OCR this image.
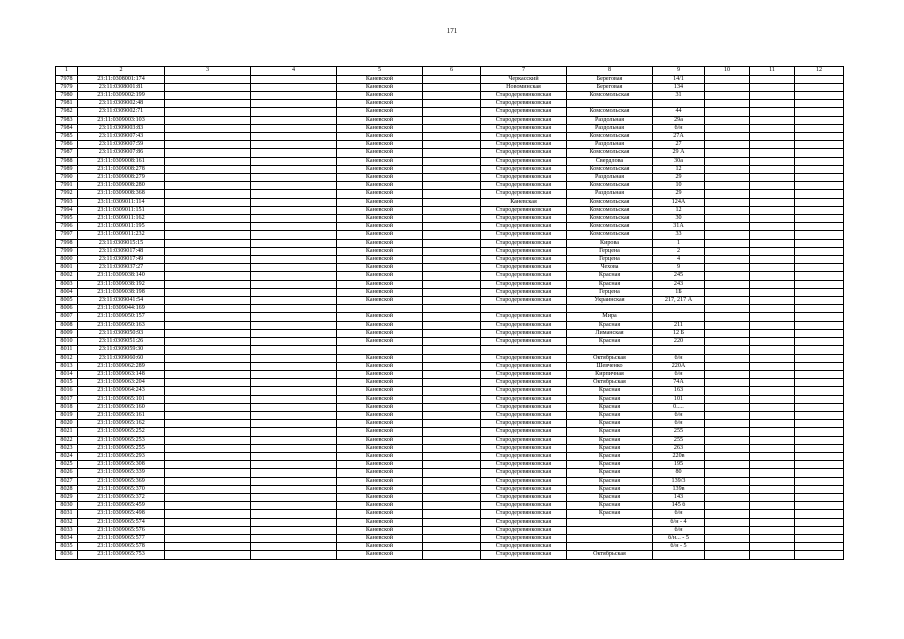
171
1	2	3	4	5	6	7	8	9	10	11	12
7978	23:11:0308001:174			Каневской		Черкасский	Береговая	14/1			
7979	23:11:0308001:81			Каневской		Новоминская	Береговая	134			
7980	23:11:0309002:199			Каневской		Стародеревянковская	Комсомольская	31			
7981	23:11:0309002:48			Каневской		Стародеревянковская					
7982	23:11:0309002:71			Каневской		Стародеревянковская	Комсомольская	44			
7983	23:11:0309003:103			Каневской		Стародеревянковская	Раздольная	29а			
7984	23:11:0309003:83			Каневской		Стародеревянковская	Раздольная	б/н			
7985	23:11:0309007:43			Каневской		Стародеревянковская	Комсомольская	27А			
7986	23:11:0309007:59			Каневской		Стародеревянковская	Раздольная	27			
7987	23:11:0309007:86			Каневской		Стародеревянковская	Комсомольская	29 А			
7988	23:11:0309008:161			Каневской		Стародеревянковская	Свердлова	30а			
7989	23:11:0309008:278			Каневской		Стародеревянковская	Комсомольская	12			
7990	23:11:0309008:279			Каневской		Стародеревянковская	Раздольная	29			
7991	23:11:0309008:280			Каневской		Стародеревянковская	Комсомольская	10			
7992	23:11:0309008:368			Каневской		Стародеревянковская	Раздольная	29			
7993	23:11:0309011:114			Каневской		Каневская	Комсомольская	124А			
7994	23:11:0309011:151			Каневской		Стародеревянковская	Комсомольская	12			
7995	23:11:0309011:162			Каневской		Стародеревянковская	Комсомольская	30			
7996	23:11:0309011:195			Каневской		Стародеревянковская	Комсомольская	31А			
7997	23:11:0309011:232			Каневской		Стародеревянковская	Комсомольская	33			
7998	23:11:0309015:15			Каневской		Стародеревянковская	Кирова	1			
7999	23:11:0309017:48			Каневской		Стародеревянковская	Герцена	2			
8000	23:11:0309017:49			Каневской		Стародеревянковская	Герцена	4			
8001	23:11:0309037:27			Каневской		Стародеревянковская	Чехова	9			
8002	23:11:0309038:140			Каневской		Стародеревянковская	Красная	245			
8003	23:11:0309038:192			Каневской		Стародеревянковская	Красная	243			
8004	23:11:0309038:198			Каневской		Стародеревянковская	Герцена	1Б			
8005	23:11:0309041:54			Каневской		Стародеревянковская	Украинская	217, 217 А			
8006	23:11:0309044:169										
8007	23:11:0309050:157			Каневской		Стародеревянковская	Мира				
8008	23:11:0309050:163			Каневской		Стародеревянковская	Красная	211			
8009	23:11:0309050:93			Каневской		Стародеревянковская	Лиманская	12 Б			
8010	23:11:0309051:26			Каневской		Стародеревянковская	Красная	220			
8011	23:11:0309059:30										
8012	23:11:0309060:60			Каневской		Стародеревянковская	Октябрьская	б/н			
8013	23:11:0309062:289			Каневской		Стародеревянковская	Шевченко	220А			
8014	23:11:0309063:148			Каневской		Стародеревянковская	Кирпичная	б/н			
8015	23:11:0309063:204			Каневской		Стародеревянковская	Октябрьская	74А			
8016	23:11:0309064:243			Каневской		Стародеревянковская	Красная	163			
8017	23:11:0309065:101			Каневской		Стародеревянковская	Красная	101			
8018	23:11:0309065:160			Каневской		Стародеревянковская	Красная	0.....			
8019	23:11:0309065:161			Каневской		Стародеревянковская	Красная	б/н			
8020	23:11:0309065:162			Каневской		Стародеревянковская	Красная	б/н			
8021	23:11:0309065:252			Каневской		Стародеревянковская	Красная	255			
8022	23:11:0309065:253			Каневской		Стародеревянковская	Красная	255			
8023	23:11:0309065:255			Каневской		Стародеревянковская	Красная	263			
8024	23:11:0309065:293			Каневской		Стародеревянковская	Красная	220в			
8025	23:11:0309065:308			Каневской		Стародеревянковская	Красная	195			
8026	23:11:0309065:339			Каневской		Стародеревянковская	Красная	80			
8027	23:11:0309065:369			Каневской		Стародеревянковская	Красная	139/3			
8028	23:11:0309065:370			Каневской		Стародеревянковская	Красная	139в			
8029	23:11:0309065:372			Каневской		Стародеревянковская	Красная	143			
8030	23:11:0309065:459			Каневской		Стародеревянковская	Красная	145 б			
8031	23:11:0309065:498			Каневской		Стародеревянковская	Красная	б/н			
8032	23:11:0309065:574			Каневской		Стародеревянковская		б/н - 4			
8033	23:11:0309065:576			Каневской		Стародеревянковская		б/н			
8034	23:11:0309065:577			Каневской		Стародеревянковская		б/н... - 5			
8035	23:11:0309065:578			Каневской		Стародеревянковская		б/н - 5			
8036	23:11:0309065:753			Каневской		Стародеревянковская	Октябрьская				
